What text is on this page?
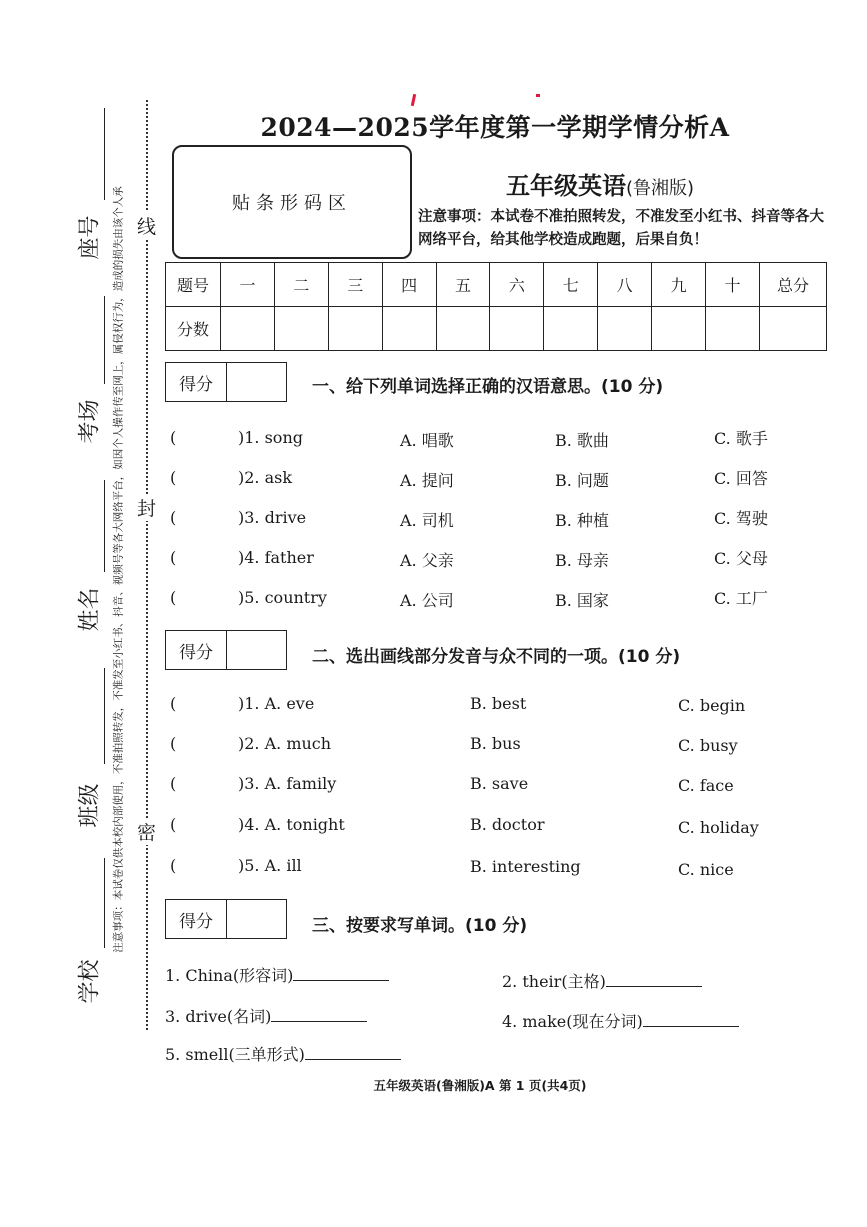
座号
考场
姓名
班级
学校
注意事项：本试卷仅供本校内部使用，不准拍照转发，不准发至小红书、抖音、视频号等各大网络平台，如因个人操作传至网上，属侵权行为，造成的损失由该个人承 线
封
密
2024—2025学年度第一学期学情分析A
贴条形码区
五年级英语(鲁湘版)
注意事项：本试卷不准拍照转发，不准发至小红书、抖音等各大网络平台，给其他学校造成跑题，后果自负！
题号	一	二	三	四	五	六	七	八	九	十	总分
分数											
得分	一、给下列单词选择正确的汉语意思。(10 分)
(	)1. song	A. 唱歌	B. 歌曲	C. 歌手
(	)2. ask	A. 提问	B. 问题	C. 回答
(	)3. drive	A. 司机	B. 种植	C. 驾驶
(	)4. father	A. 父亲	B. 母亲	C. 父母
(	)5. country	A. 公司	B. 国家	C. 工厂
得分	二、选出画线部分发音与众不同的一项。(10 分)
(	)1. A. eve	B. best	C. begin
(	)2. A. much	B. bus	C. busy
(	)3. A. family	B. save	C. face
(	)4. A. tonight	B. doctor	C. holiday
(	)5. A. ill	B. interesting	C. nice
得分	三、按要求写单词。(10 分)
1. China(形容词)	2. their(主格)
3. drive(名词)	4. make(现在分词)
5. smell(三单形式)
五年级英语(鲁湘版)A 第 1 页(共4页)
